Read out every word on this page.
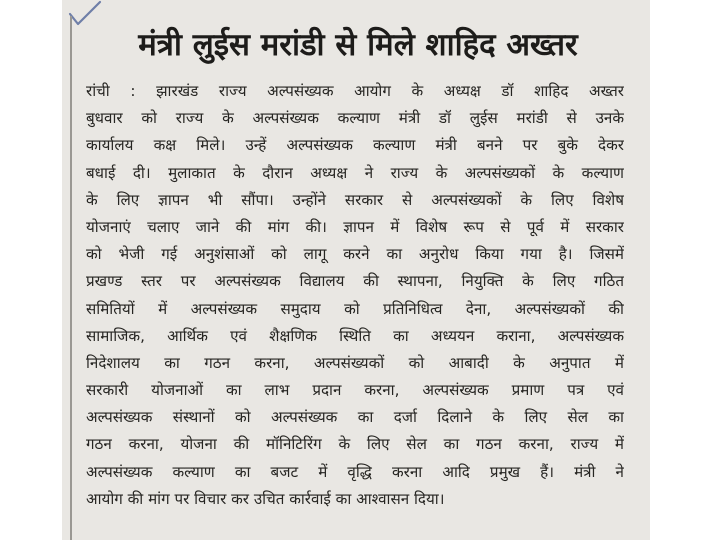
मंत्री लुईस मरांडी से मिले शाहिद अख्तर
रांची : झारखंड राज्य अल्पसंख्यक आयोग के अध्यक्ष डॉ शाहिद अख्तर
बुधवार को राज्य के अल्पसंख्यक कल्याण मंत्री डॉ लुईस मरांडी से उनके
कार्यालय कक्ष मिले। उन्हें अल्पसंख्यक कल्याण मंत्री बनने पर बुके देकर
बधाई दी। मुलाकात के दौरान अध्यक्ष ने राज्य के अल्पसंख्यकों के कल्याण
के लिए ज्ञापन भी सौंपा। उन्होंने सरकार से अल्पसंख्यकों के लिए विशेष
योजनाएं चलाए जाने की मांग की। ज्ञापन में विशेष रूप से पूर्व में सरकार
को भेजी गई अनुशंसाओं को लागू करने का अनुरोध किया गया है। जिसमें
प्रखण्ड स्तर पर अल्पसंख्यक विद्यालय की स्थापना, नियुक्ति के लिए गठित
समितियों में अल्पसंख्यक समुदाय को प्रतिनिधित्व देना, अल्पसंख्यकों की
सामाजिक, आर्थिक एवं शैक्षणिक स्थिति का अध्ययन कराना, अल्पसंख्यक
निदेशालय का गठन करना, अल्पसंख्यकों को आबादी के अनुपात में
सरकारी योजनाओं का लाभ प्रदान करना, अल्पसंख्यक प्रमाण पत्र एवं
अल्पसंख्यक संस्थानों को अल्पसंख्यक का दर्जा दिलाने के लिए सेल का
गठन करना, योजना की मॉनिटिरिंग के लिए सेल का गठन करना, राज्य में
अल्पसंख्यक कल्याण का बजट में वृद्धि करना आदि प्रमुख हैं। मंत्री ने
आयोग की मांग पर विचार कर उचित कार्रवाई का आश्वासन दिया।
